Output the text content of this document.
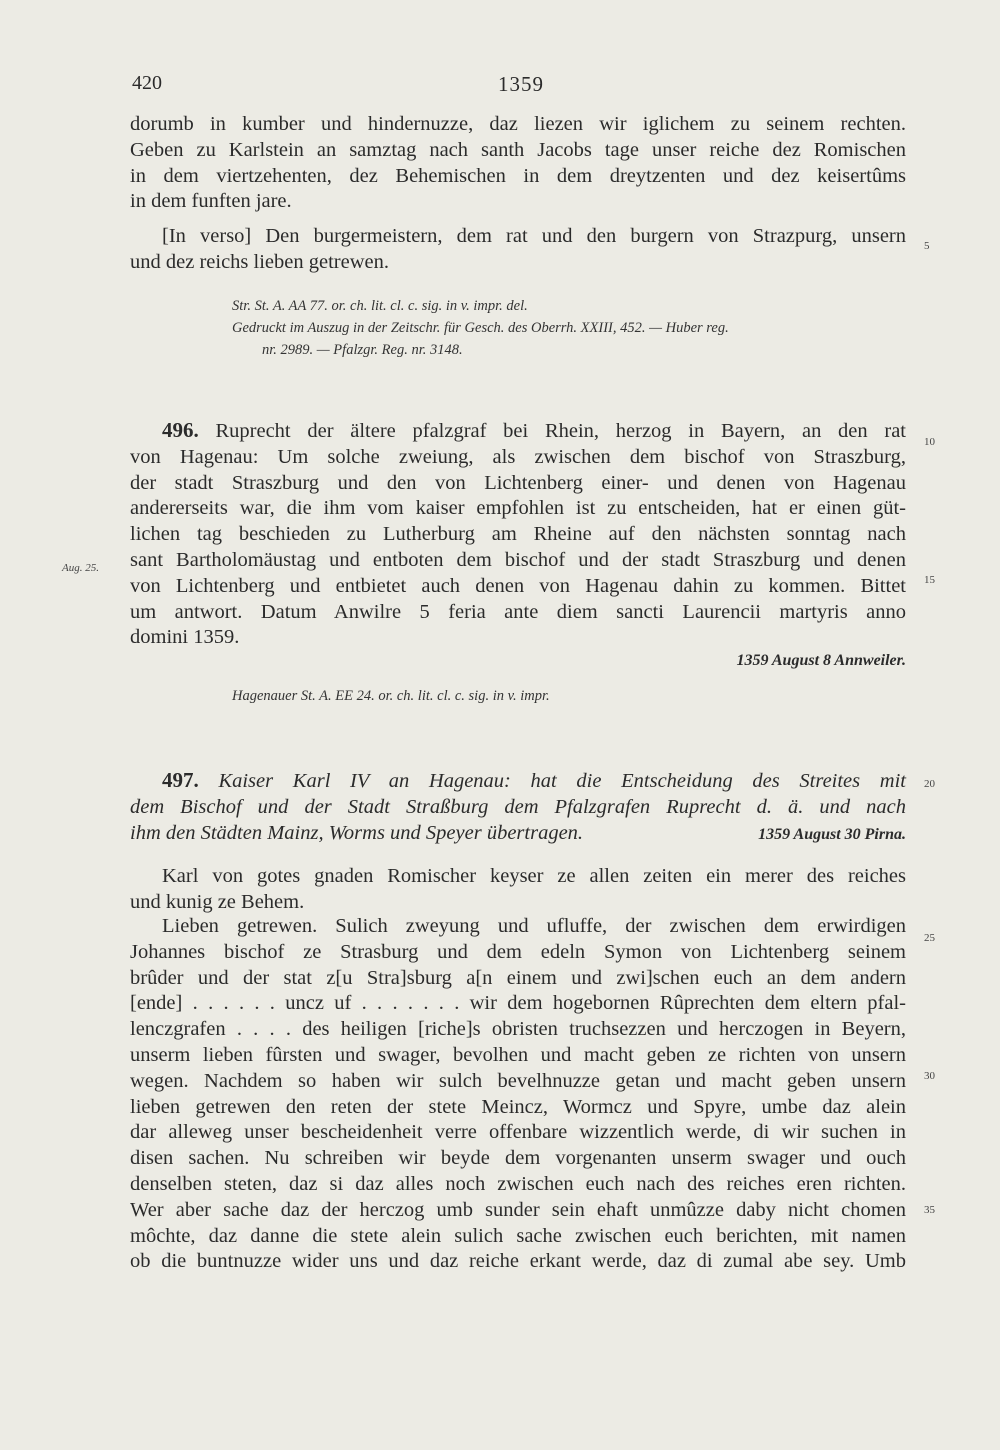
420	1359
dorumb in kumber und hindernuzze, daz liezen wir iglichem zu seinem rechten.
Geben zu Karlstein an samztag nach santh Jacobs tage unser reiche dez Romischen
in dem viertzehenten, dez Behemischen in dem dreytzenten und dez keisertûms
in dem funften jare.
[In verso] Den burgermeistern, dem rat und den burgern von Strazpurg, unsern
und dez reichs lieben getrewen.
5
Str. St. A. AA 77. or. ch. lit. cl. c. sig. in v. impr. del.
Gedruckt im Auszug in der Zeitschr. für Gesch. des Oberrh. XXIII, 452. — Huber reg.
nr. 2989. — Pfalzgr. Reg. nr. 3148.
496. Ruprecht der ältere pfalzgraf bei Rhein, herzog in Bayern, an den rat
von Hagenau: Um solche zweiung, als zwischen dem bischof von Straszburg,
der stadt Straszburg und den von Lichtenberg einer- und denen von Hagenau
andererseits war, die ihm vom kaiser empfohlen ist zu entscheiden, hat er einen güt-
lichen tag beschieden zu Lutherburg am Rheine auf den nächsten sonntag nach
sant Bartholomäustag und entboten dem bischof und der stadt Straszburg und denen
von Lichtenberg und entbietet auch denen von Hagenau dahin zu kommen. Bittet
um antwort. Datum Anwilre 5 feria ante diem sancti Laurencii martyris anno
domini 1359.
10
Aug. 25.
15
1359 August 8 Annweiler.
Hagenauer St. A. EE 24. or. ch. lit. cl. c. sig. in v. impr.
497. Kaiser Karl IV an Hagenau: hat die Entscheidung des Streites mit
dem Bischof und der Stadt Straßburg dem Pfalzgrafen Ruprecht d. ä. und nach
ihm den Städten Mainz, Worms und Speyer übertragen.
20
1359 August 30 Pirna.
Karl von gotes gnaden Romischer keyser ze allen zeiten ein merer des reiches
und kunig ze Behem.
Lieben getrewen. Sulich zweyung und ufluffe, der zwischen dem erwirdigen
Johannes bischof ze Strasburg und dem edeln Symon von Lichtenberg seinem
brûder und der stat z[u Stra]sburg a[n einem und zwi]schen euch an dem andern
[ende] . . . . . . uncz uf . . . . . . . wir dem hogebornen Rûprechten dem eltern pfal-
lenczgrafen . . . . des heiligen [riche]s obristen truchsezzen und herczogen in Beyern,
unserm lieben fûrsten und swager, bevolhen und macht geben ze richten von unsern
wegen. Nachdem so haben wir sulch bevelhnuzze getan und macht geben unsern
lieben getrewen den reten der stete Meincz, Wormcz und Spyre, umbe daz alein
dar alleweg unser bescheidenheit verre offenbare wizzentlich werde, di wir suchen in
disen sachen. Nu schreiben wir beyde dem vorgenanten unserm swager und ouch
denselben steten, daz si daz alles noch zwischen euch nach des reiches eren richten.
Wer aber sache daz der herczog umb sunder sein ehaft unmûzze daby nicht chomen
môchte, daz danne die stete alein sulich sache zwischen euch berichten, mit namen
ob die buntnuzze wider uns und daz reiche erkant werde, daz di zumal abe sey. Umb
25
30
35
